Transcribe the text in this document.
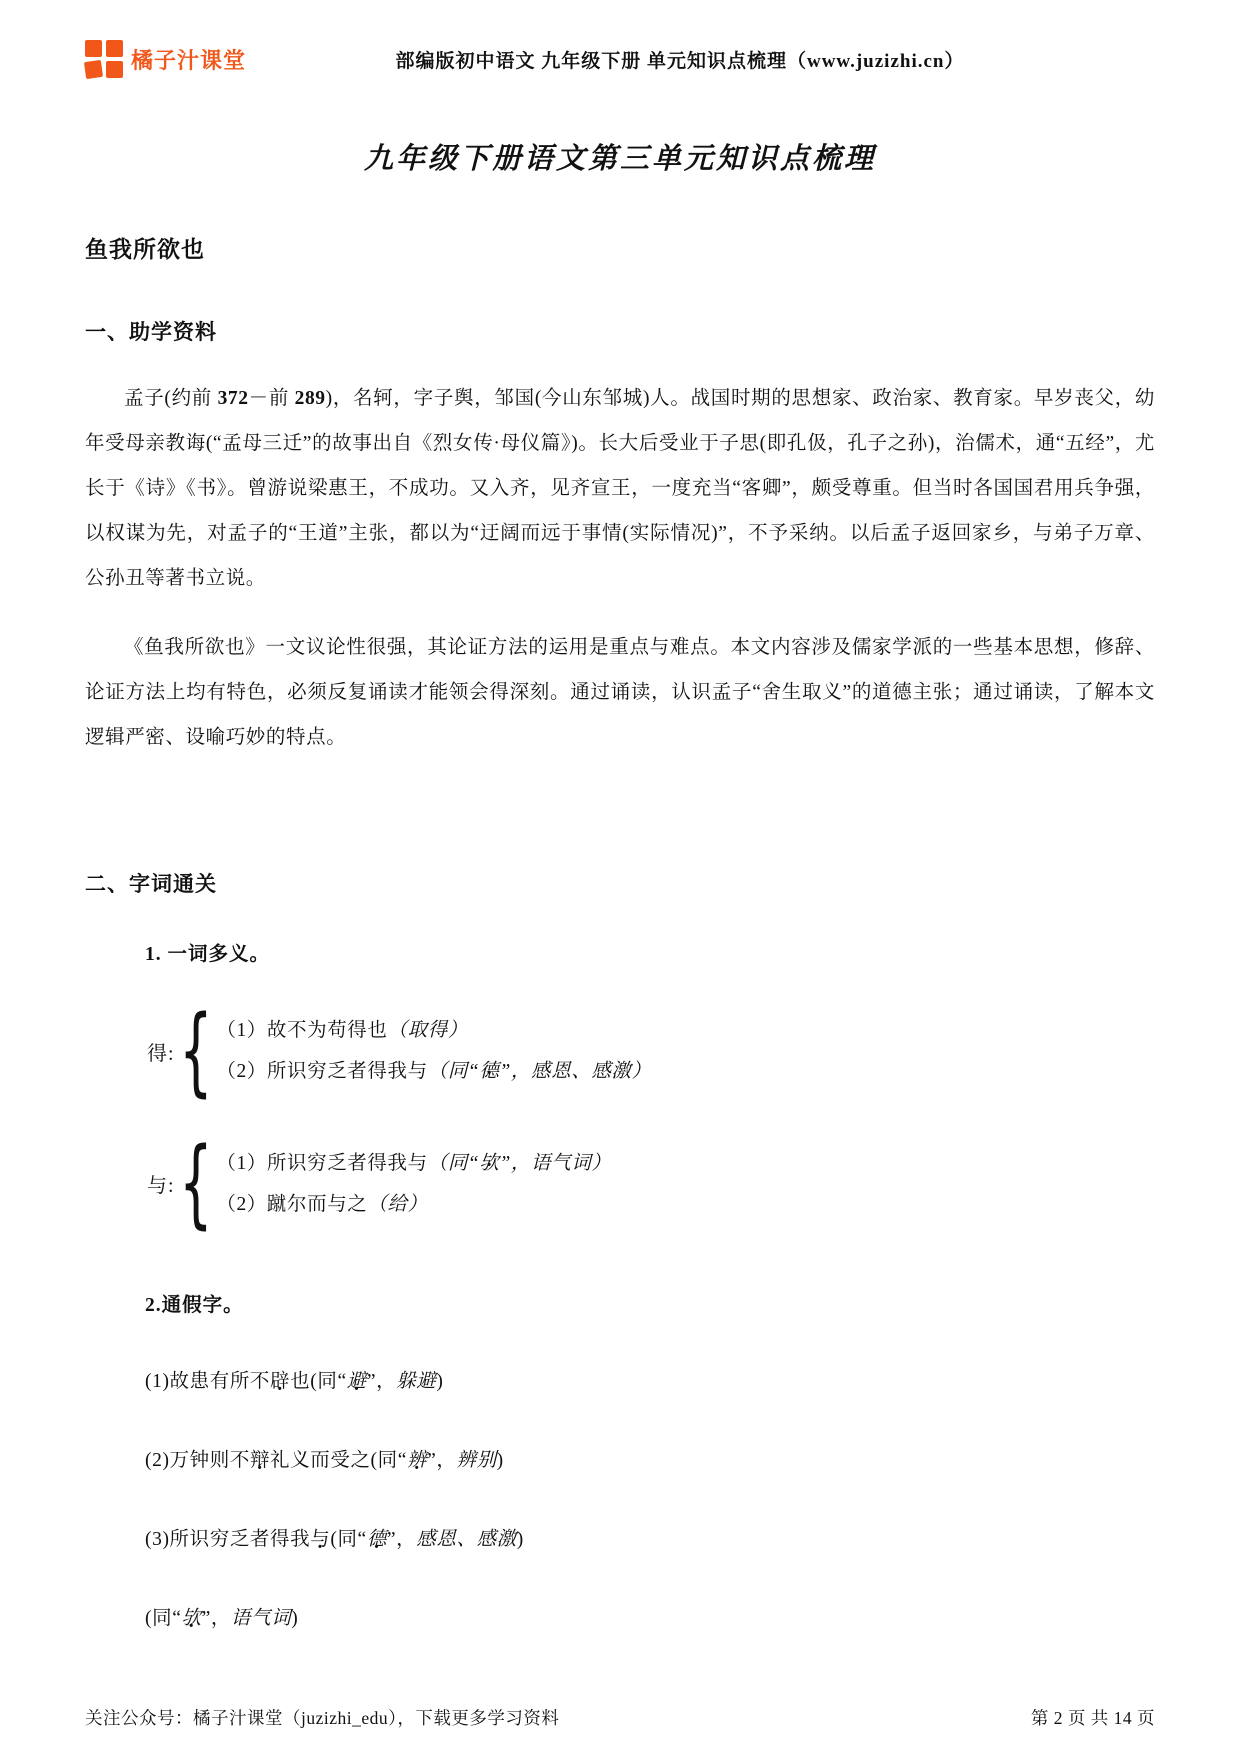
橘子汁课堂	部编版初中语文 九年级下册 单元知识点梳理（www.juzizhi.cn）
九年级下册语文第三单元知识点梳理
鱼我所欲也
一、助学资料

孟子(约前 372－前 289)，名轲，字子舆，邹国(今山东邹城)人。战国时期的思想家、政治家、教育家。早岁丧父，幼年受母亲教诲(“孟母三迁”的故事出自《烈女传·母仪篇》)。长大后受业于子思(即孔伋，孔子之孙)，治儒术，通“五经”，尤长于《诗》《书》。曾游说梁惠王，不成功。又入齐，见齐宣王，一度充当“客卿”，颇受尊重。但当时各国国君用兵争强，以权谋为先，对孟子的“王道”主张，都以为“迂阔而远于事情(实际情况)”，不予采纳。以后孟子返回家乡，与弟子万章、公孙丑等著书立说。

《鱼我所欲也》一文议论性很强，其论证方法的运用是重点与难点。本文内容涉及儒家学派的一些基本思想，修辞、论证方法上均有特色，必须反复诵读才能领会得深刻。通过诵读，认识孟子“舍生取义”的道德主张；通过诵读，了解本文逻辑严密、设喻巧妙的特点。

二、字词通关
1. 一词多义。
得: { （1）故不为苟得也（取得）
（2）所识穷乏者得我与（同“德 ·”，感恩、感激）
与: { （1）所识穷乏者得我与（同“欤 ·”，语气词）
（2）蹴尔而与之（给）
2.通假字。

(1)故患有所不辟也(同“避”，躲避)

(2)万钟则不辩礼义而受之(同“辨”，辨别)

(3)所识穷乏者得我与(同“德”，感恩、感激)

(同“欤”，语气词)

关注公众号：橘子汁课堂（juzizhi_edu），下载更多学习资料	第 2 页 共 14 页
